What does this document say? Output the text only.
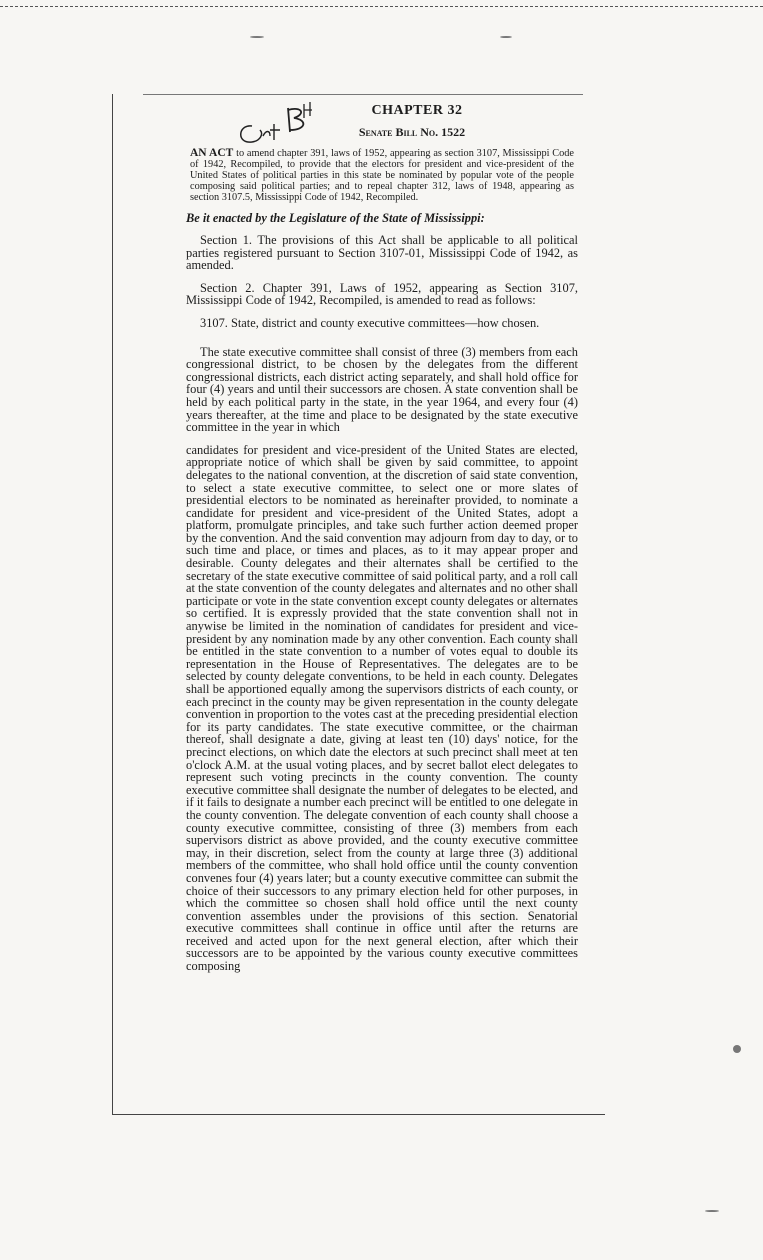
CHAPTER 32
Senate Bill No. 1522
AN ACT to amend chapter 391, laws of 1952, appearing as section 3107, Mississippi Code of 1942, Recompiled, to provide that the electors for president and vice-president of the United States of political parties in this state be nominated by popular vote of the people composing said political parties; and to repeal chapter 312, laws of 1948, appearing as section 3107.5, Mississippi Code of 1942, Recompiled.
Be it enacted by the Legislature of the State of Mississippi:

Section 1. The provisions of this Act shall be applicable to all political parties registered pursuant to Section 3107-01, Mississippi Code of 1942, as amended.

Section 2. Chapter 391, Laws of 1952, appearing as Section 3107, Mississippi Code of 1942, Recompiled, is amended to read as follows:

3107. State, district and county executive committees—how chosen.

The state executive committee shall consist of three (3) members from each congressional district, to be chosen by the delegates from the different congressional districts, each district acting separately, and shall hold office for four (4) years and until their successors are chosen. A state convention shall be held by each political party in the state, in the year 1964, and every four (4) years thereafter, at the time and place to be designated by the state executive committee in the year in which

candidates for president and vice-president of the United States are elected, appropriate notice of which shall be given by said committee, to appoint delegates to the national convention, at the discretion of said state convention, to select a state executive committee, to select one or more slates of presidential electors to be nominated as hereinafter provided, to nominate a candidate for president and vice-president of the United States, adopt a platform, promulgate principles, and take such further action deemed proper by the convention. And the said convention may adjourn from day to day, or to such time and place, or times and places, as to it may appear proper and desirable. County delegates and their alternates shall be certified to the secretary of the state executive committee of said political party, and a roll call at the state convention of the county delegates and alternates and no other shall participate or vote in the state convention except county delegates or alternates so certified. It is expressly provided that the state convention shall not in anywise be limited in the nomination of candidates for president and vice-president by any nomination made by any other convention. Each county shall be entitled in the state convention to a number of votes equal to double its representation in the House of Representatives. The delegates are to be selected by county delegate conventions, to be held in each county. Delegates shall be apportioned equally among the supervisors districts of each county, or each precinct in the county may be given representation in the county delegate convention in proportion to the votes cast at the preceding presidential election for its party candidates. The state executive committee, or the chairman thereof, shall designate a date, giving at least ten (10) days' notice, for the precinct elections, on which date the electors at such precinct shall meet at ten o'clock A.M. at the usual voting places, and by secret ballot elect delegates to represent such voting precincts in the county convention. The county executive committee shall designate the number of delegates to be elected, and if it fails to designate a number each precinct will be entitled to one delegate in the county convention. The delegate convention of each county shall choose a county executive committee, consisting of three (3) members from each supervisors district as above provided, and the county executive committee may, in their discretion, select from the county at large three (3) additional members of the committee, who shall hold office until the county convention convenes four (4) years later; but a county executive committee can submit the choice of their successors to any primary election held for other purposes, in which the committee so chosen shall hold office until the next county convention assembles under the provisions of this section. Senatorial executive committees shall continue in office until after the returns are received and acted upon for the next general election, after which their successors are to be appointed by the various county executive committees composing
